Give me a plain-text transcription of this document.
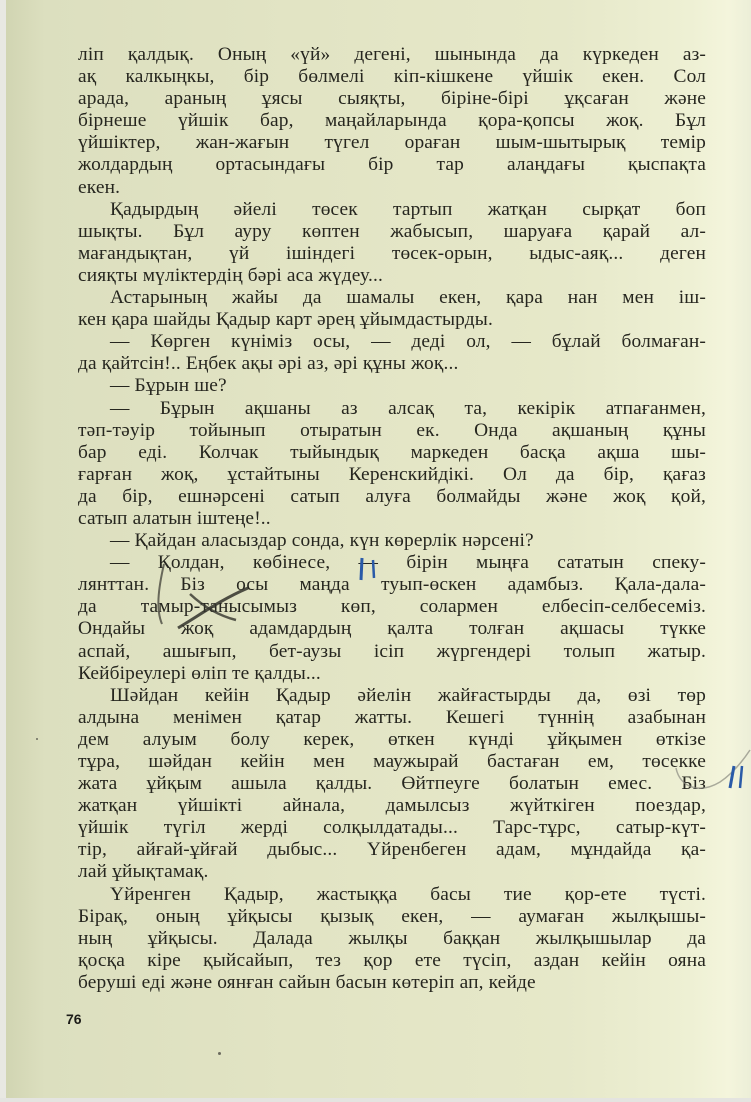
ліп қалдық. Оның «үй» дегені, шынында да күркеден аз-
ақ калкыңкы, бір бөлмелі кіп-кішкене үйшік екен. Сол
арада, араның ұясы сыяқты, біріне-бірі ұқсаған және
бірнеше үйшік бар, маңайларында қора-қопсы жоқ. Бұл
үйшіктер, жан-жағын түгел ораған шым-шытырық темір
жолдардың ортасындағы бір тар алаңдағы қыспақта
екен.
Қадырдың әйелі төсек тартып жатқан сырқат боп
шықты. Бұл ауру көптен жабысып, шаруаға қарай ал-
мағандықтан, үй ішіндегі төсек-орын, ыдыс-аяқ... деген
сияқты мүліктердің бәрі аса жүдеу...
Астарының жайы да шамалы екен, қара нан мен іш-
кен қара шайды Қадыр карт әрең ұйымдастырды.
— Көрген күніміз осы, — деді ол, — бұлай болмаған-
да қайтсін!.. Еңбек ақы әрі аз, әрі құны жоқ...
— Бұрын ше?
— Бұрын ақшаны аз алсақ та, кекірік атпағанмен,
тәп-тәуір тойынып отыратын ек. Онда ақшаның құны
бар еді. Колчак тыйындық маркеден басқа ақша шы-
ғарған жоқ, ұстайтыны Керенскийдікі. Ол да бір, қағаз
да бір, ешнәрсені сатып алуға болмайды және жоқ қой,
сатып алатын іштеңе!..
— Қайдан аласыздар сонда, күн көрерлік нәрсені?
— Қолдан, көбінесе, — бірін мыңға сататын спеку-
лянттан. Біз осы маңда туып-өскен адамбыз. Қала-дала-
да тамыр-танысымыз көп, солармен елбесіп-селбесеміз.
Ондайы жоқ адамдардың қалта толған ақшасы түкке
аспай, ашығып, бет-аузы ісіп жүргендері толып жатыр.
Кейбіреулері өліп те қалды...
Шәйдан кейін Қадыр әйелін жайғастырды да, өзі төр
алдына менімен қатар жатты. Кешегі түннің азабынан
дем алуым болу керек, өткен күнді ұйқымен өткізе
тұра, шәйдан кейін мен маужырай бастаған ем, төсекке
жата ұйқым ашыла қалды. Өйтпеуге болатын емес. Біз
жатқан үйшікті айнала, дамылсыз жүйткіген поездар,
үйшік түгіл жерді солқылдатады... Тарс-тұрс, сатыр-күт-
тір, айғай-ұйғай дыбыс... Үйренбеген адам, мұндайда қа-
лай ұйықтамақ.
Үйренген Қадыр, жастыққа басы тие қор-ете түсті.
Бірақ, оның ұйқысы қызық екен, — аумаған жылқышы-
ның ұйқысы. Далада жылқы баққан жылқышылар да
қосқа кіре қыйсайып, тез қор ете түсіп, аздан кейін ояна
беруші еді және оянған сайын басын көтеріп ап, кейде
76
